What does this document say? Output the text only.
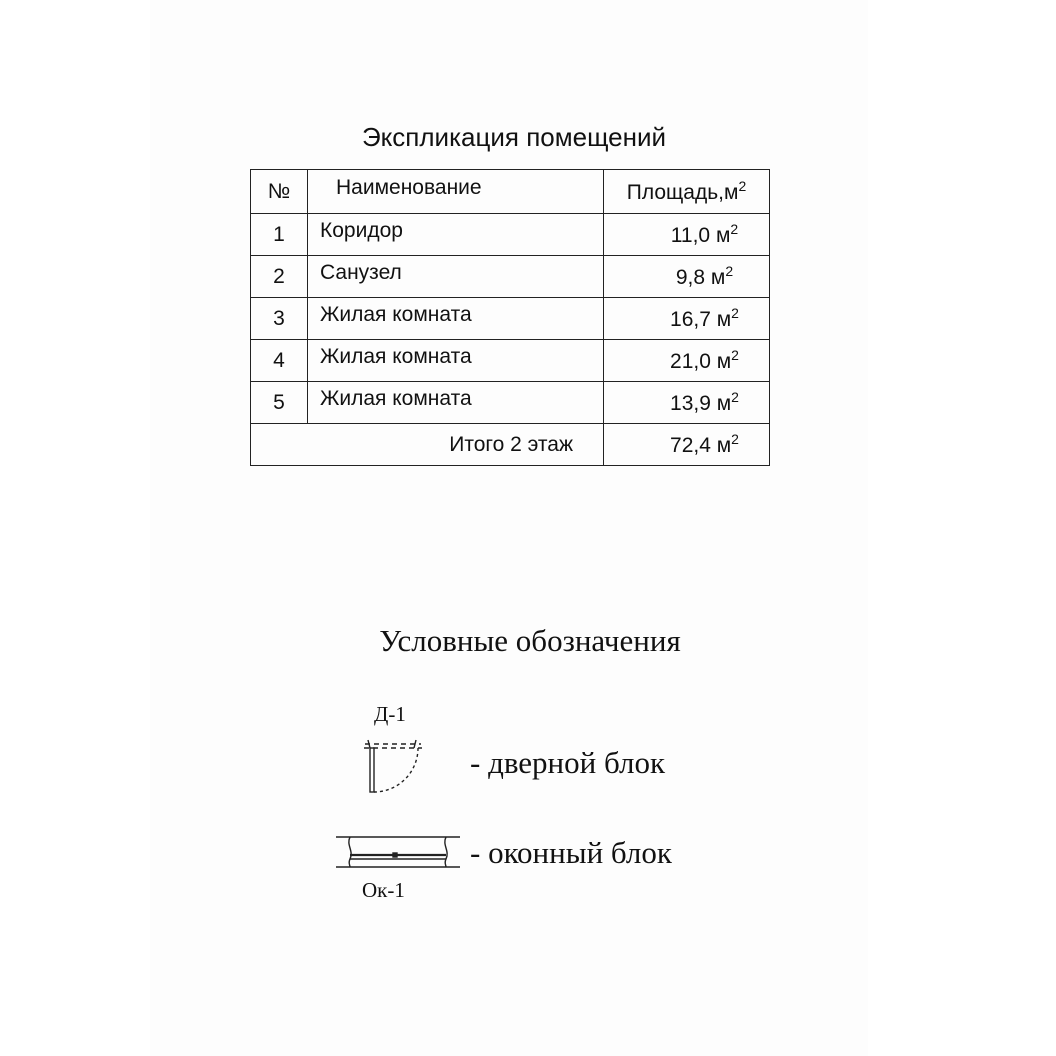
Экспликация помещений
№	Наименование	$Площадь,м^2$
1	Коридор	11,0 $м^2$
2	Санузел	9,8 $м^2$
3	Жилая комната	16,7 $м^2$
4	Жилая комната	21,0 $м^2$
5	Жилая комната	13,9 $м^2$
Итого 2 этаж		72,4 $м^2$
Условные обозначения
Д-1
- дверной блок
- оконный блок
Ок-1
